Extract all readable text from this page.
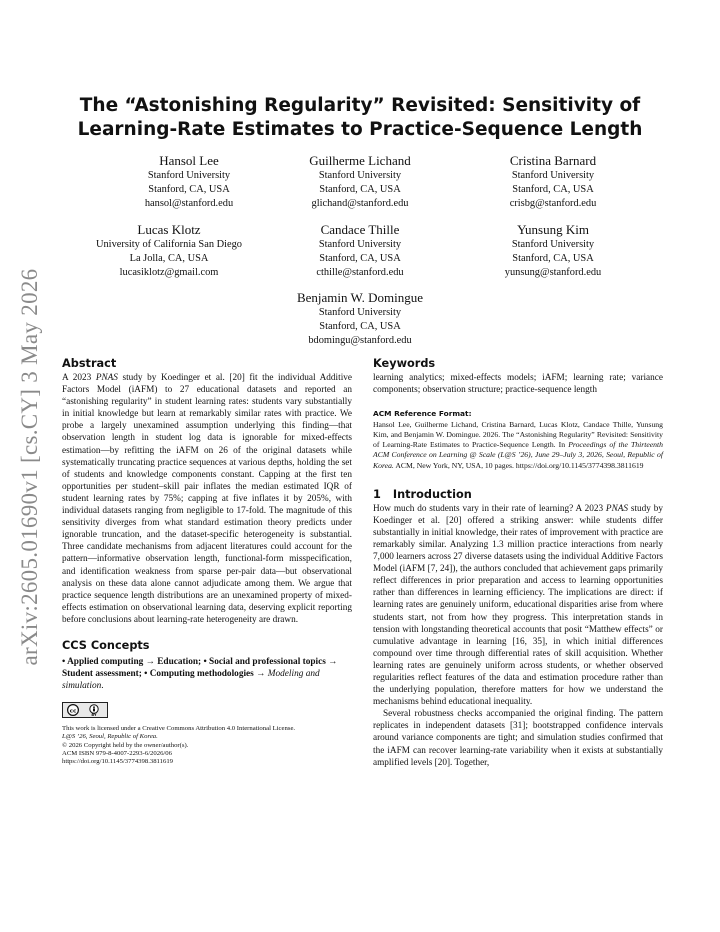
arXiv:2605.01690v1 [cs.CY] 3 May 2026
The “Astonishing Regularity” Revisited: Sensitivity of
Learning-Rate Estimates to Practice-Sequence Length
Hansol Lee
Stanford University
Stanford, CA, USA
hansol@stanford.edu
Guilherme Lichand
Stanford University
Stanford, CA, USA
glichand@stanford.edu
Cristina Barnard
Stanford University
Stanford, CA, USA
crisbg@stanford.edu
Lucas Klotz
University of California San Diego
La Jolla, CA, USA
lucasiklotz@gmail.com
Candace Thille
Stanford University
Stanford, CA, USA
cthille@stanford.edu
Yunsung Kim
Stanford University
Stanford, CA, USA
yunsung@stanford.edu
Benjamin W. Domingue
Stanford University
Stanford, CA, USA
bdomingu@stanford.edu
Abstract

A 2023 PNAS study by Koedinger et al. [20] fit the individual Additive Factors Model (iAFM) to 27 educational datasets and reported an “astonishing regularity” in student learning rates: students vary substantially in initial knowledge but learn at remarkably similar rates with practice. We probe a largely unexamined assumption underlying this finding—that observation length in student log data is ignorable for mixed-effects estimation—by refitting the iAFM on 26 of the original datasets while systematically truncating practice sequences at various depths, holding the set of students and knowledge components constant. Capping at the first ten opportunities per student–skill pair inflates the median estimated IQR of student learning rates by 75%; capping at five inflates it by 205%, with individual datasets ranging from negligible to 17-fold. The magnitude of this sensitivity diverges from what standard estimation theory predicts under ignorable truncation, and the dataset-specific heterogeneity is substantial. Three candidate mechanisms from adjacent literatures could account for the pattern—informative observation length, functional-form misspecification, and identification weakness from sparse per-pair data—but observational analysis on these data alone cannot adjudicate among them. We argue that practice sequence length distributions are an unexamined property of mixed-effects estimation on observational learning data, deserving explicit reporting before conclusions about learning-rate heterogeneity are drawn.

CCS Concepts

• Applied computing → Education; • Social and professional topics → Student assessment; • Computing methodologies → Modeling and simulation.

cc
BY
This work is licensed under a Creative Commons Attribution 4.0 International License.
L@S ’26, Seoul, Republic of Korea.
© 2026 Copyright held by the owner/author(s).
ACM ISBN 979-8-4007-2293-6/2026/06
https://doi.org/10.1145/3774398.3811619
Keywords

learning analytics; mixed-effects models; iAFM; learning rate; variance components; observation structure; practice-sequence length

ACM Reference Format:

Hansol Lee, Guilherme Lichand, Cristina Barnard, Lucas Klotz, Candace Thille, Yunsung Kim, and Benjamin W. Domingue. 2026. The “Astonishing Regularity” Revisited: Sensitivity of Learning-Rate Estimates to Practice-Sequence Length. In Proceedings of the Thirteenth ACM Conference on Learning @ Scale (L@S ’26), June 29–July 3, 2026, Seoul, Republic of Korea. ACM, New York, NY, USA, 10 pages. https://doi.org/10.1145/3774398.3811619

1 Introduction

How much do students vary in their rate of learning? A 2023 PNAS study by Koedinger et al. [20] offered a striking answer: while students differ substantially in initial knowledge, their rates of improvement with practice are remarkably similar. Analyzing 1.3 million practice interactions from nearly 7,000 learners across 27 diverse datasets using the individual Additive Factors Model (iAFM [7, 24]), the authors concluded that achievement gaps primarily reflect differences in prior preparation and access to learning opportunities rather than differences in learning efficiency. The implications are direct: if learning rates are genuinely uniform, educational disparities arise from where students start, not from how they progress. This interpretation stands in tension with longstanding theoretical accounts that posit “Matthew effects” or cumulative advantage in learning [16, 35], in which initial differences compound over time through differential rates of skill acquisition. Whether learning rates are genuinely uniform across students, or whether observed regularities reflect features of the data and estimation procedure rather than the underlying population, therefore matters for how we understand the mechanisms behind educational inequality.

Several robustness checks accompanied the original finding. The pattern replicates in independent datasets [31]; bootstrapped confidence intervals around variance components are tight; and simulation studies confirmed that the iAFM can recover learning-rate variability when it exists at substantially amplified levels [20]. Together,
